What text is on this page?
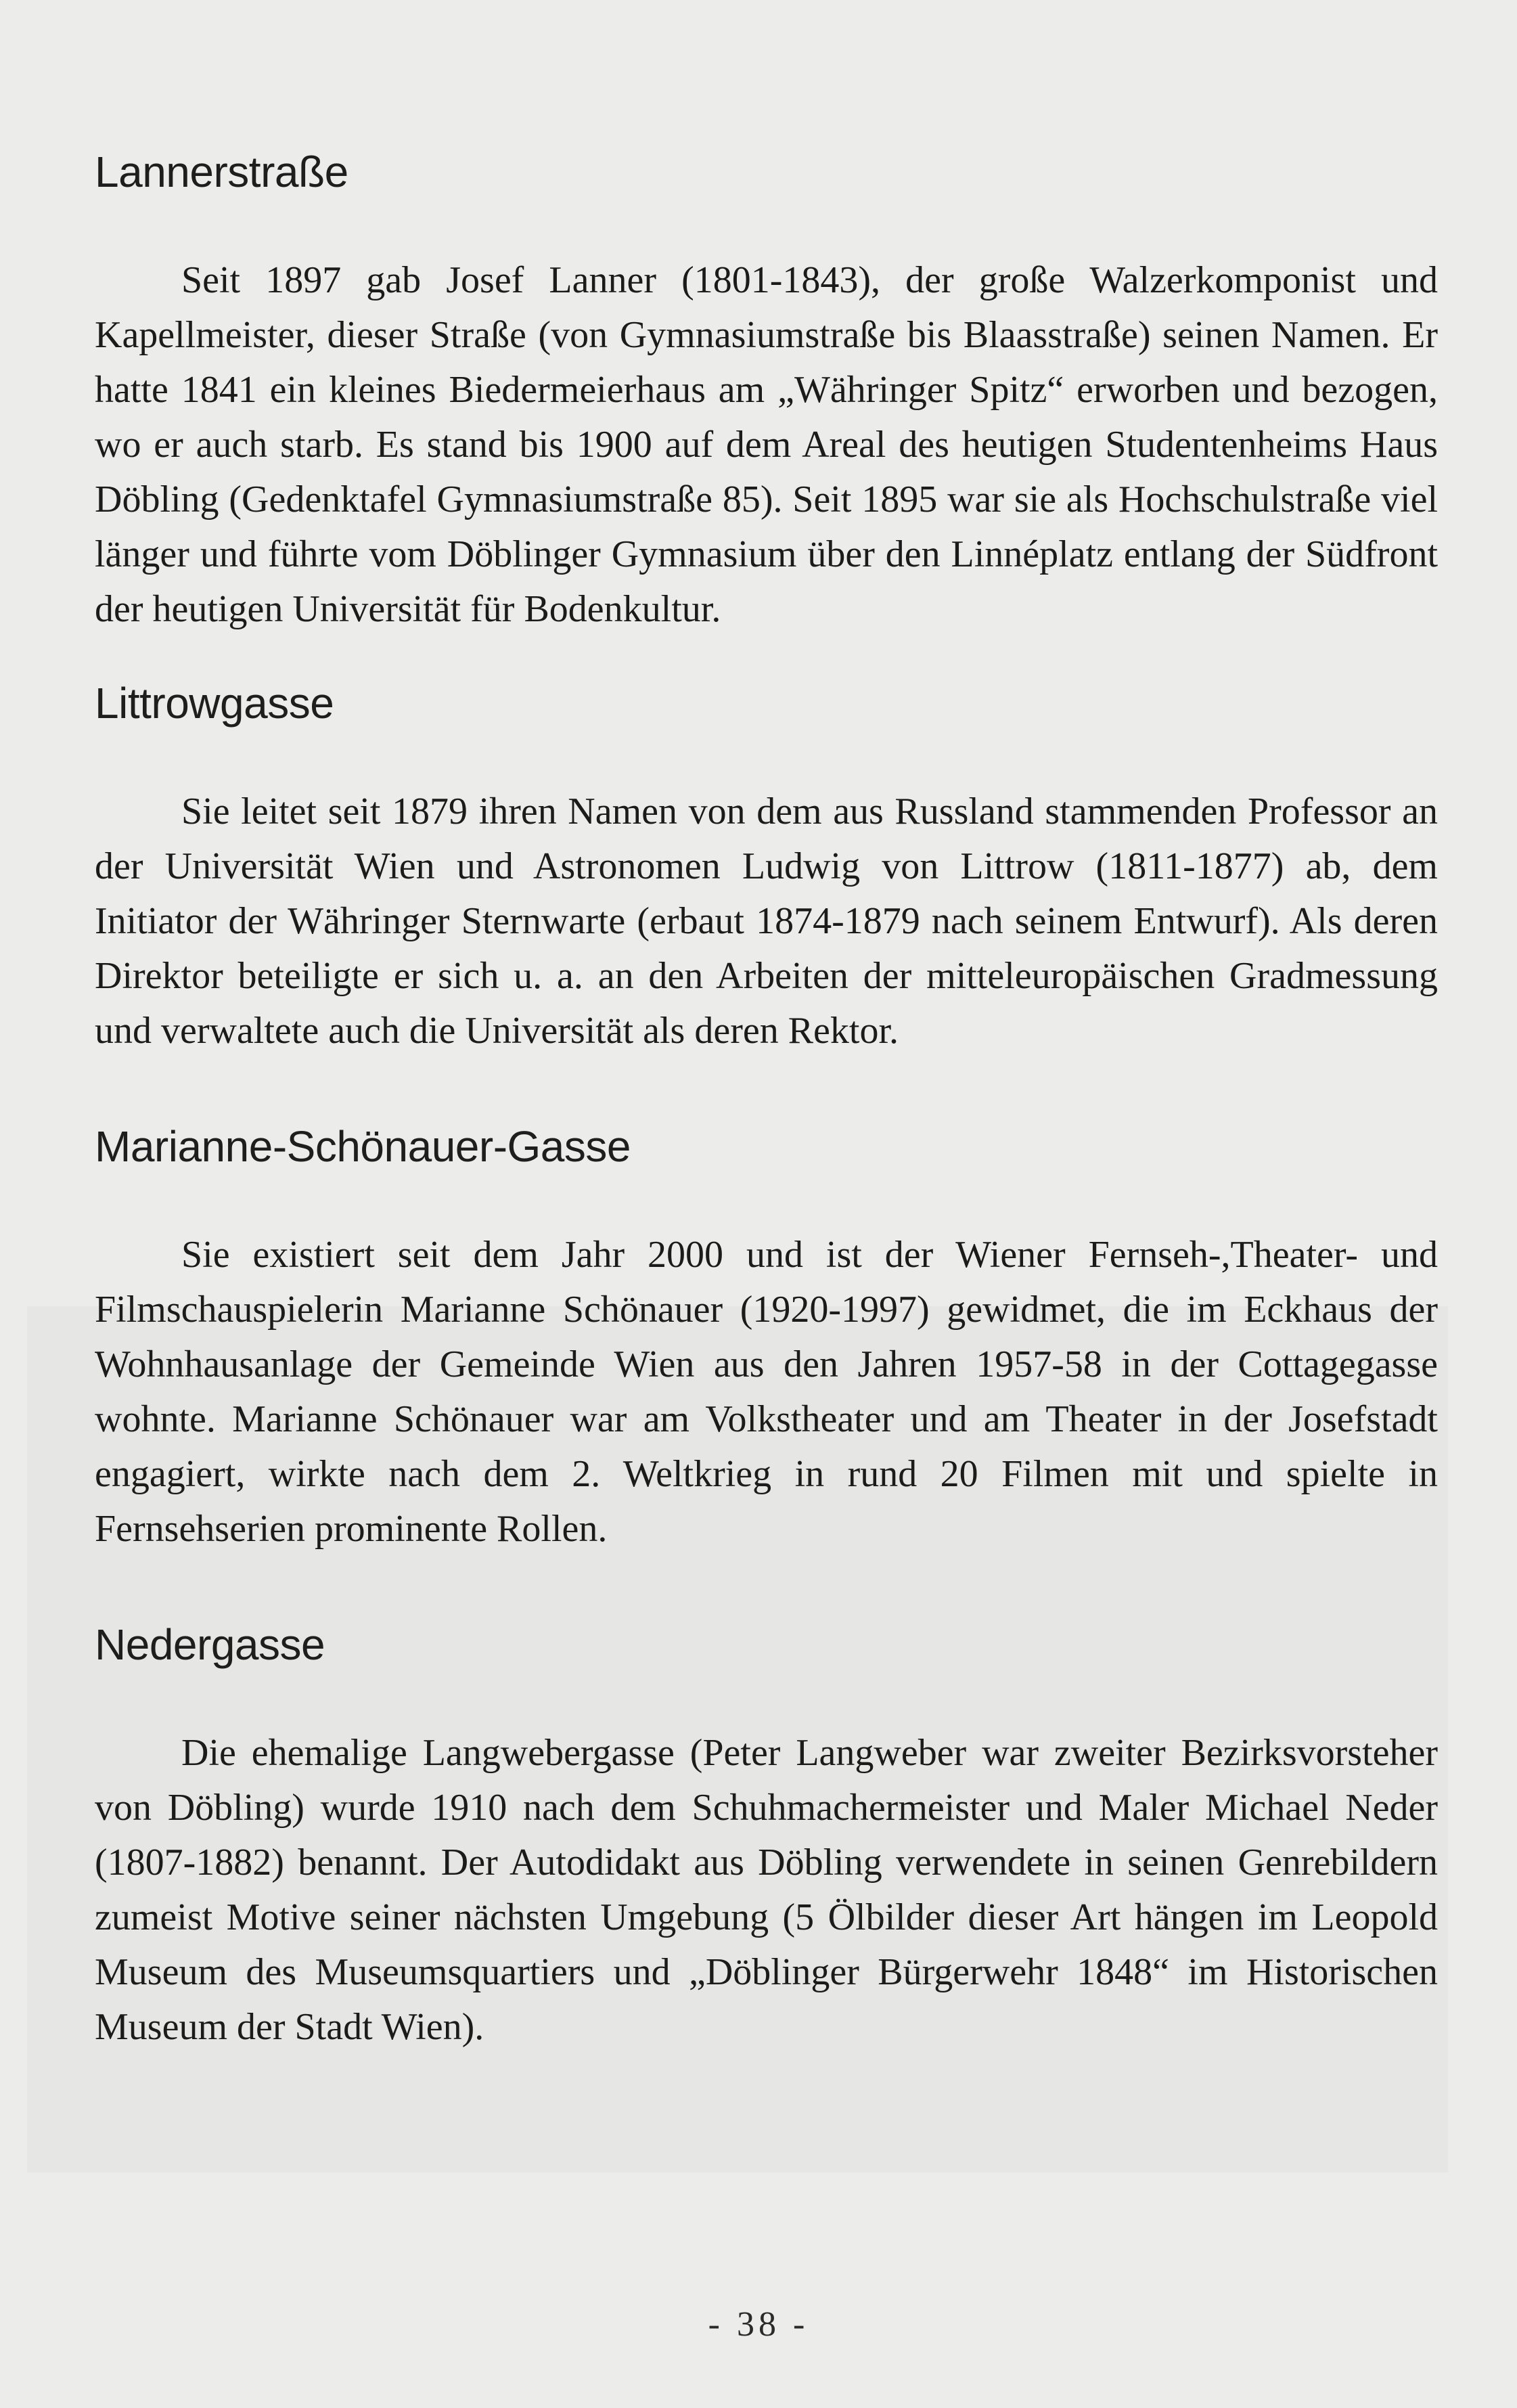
Lannerstraße

Seit 1897 gab Josef Lanner (1801-1843), der große Walzerkomponist und Kapellmeister, dieser Straße (von Gymnasiumstraße bis Blaasstraße) seinen Namen. Er hatte 1841 ein kleines Biedermeierhaus am „Währinger Spitz“ erworben und bezogen, wo er auch starb. Es stand bis 1900 auf dem Areal des heutigen Studentenheims Haus Döbling (Gedenktafel Gymnasiumstraße 85). Seit 1895 war sie als Hochschulstraße viel länger und führte vom Döblinger Gymnasium über den Linnéplatz entlang der Südfront der heutigen Universität für Bodenkultur.

Littrowgasse

Sie leitet seit 1879 ihren Namen von dem aus Russland stammenden Professor an der Universität Wien und Astronomen Ludwig von Littrow (1811-1877) ab, dem Initiator der Währinger Sternwarte (erbaut 1874-1879 nach seinem Entwurf). Als deren Direktor beteiligte er sich u. a. an den Arbeiten der mitteleuropäischen Gradmessung und verwaltete auch die Universität als deren Rektor.

Marianne-Schönauer-Gasse

Sie existiert seit dem Jahr 2000 und ist der Wiener Fernseh-,Theater- und Filmschauspielerin Marianne Schönauer (1920-1997) gewidmet, die im Eckhaus der Wohnhausanlage der Gemeinde Wien aus den Jahren 1957-58 in der Cottagegasse wohnte. Marianne Schönauer war am Volkstheater und am Theater in der Josefstadt engagiert, wirkte nach dem 2. Weltkrieg in rund 20 Filmen mit und spielte in Fernsehserien prominente Rollen.

Nedergasse

Die ehemalige Langwebergasse (Peter Langweber war zweiter Bezirksvorsteher von Döbling) wurde 1910 nach dem Schuhmachermeister und Maler Michael Neder (1807-1882) benannt. Der Autodidakt aus Döbling verwendete in seinen Genrebildern zumeist Motive seiner nächsten Umgebung (5 Ölbilder dieser Art hängen im Leopold Museum des Museumsquartiers und „Döblinger Bürgerwehr 1848“ im Historischen Museum der Stadt Wien).

- 38 -
